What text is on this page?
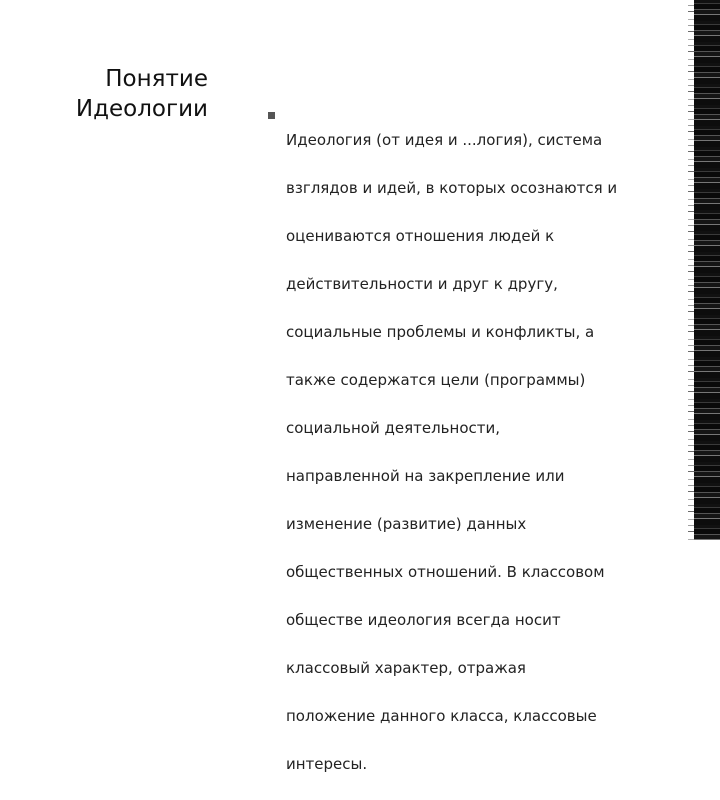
Понятие
Идеологии

Идеология (от идея и ...логия), система

взглядов и идей, в которых осознаются и

оцениваются отношения людей к

действительности и друг к другу,

социальные проблемы и конфликты, а

также содержатся цели (программы)

социальной деятельности,

направленной на закрепление или

изменение (развитие) данных

общественных отношений. В классовом

обществе идеология всегда носит

классовый характер, отражая

положение данного класса, классовые

интересы.
